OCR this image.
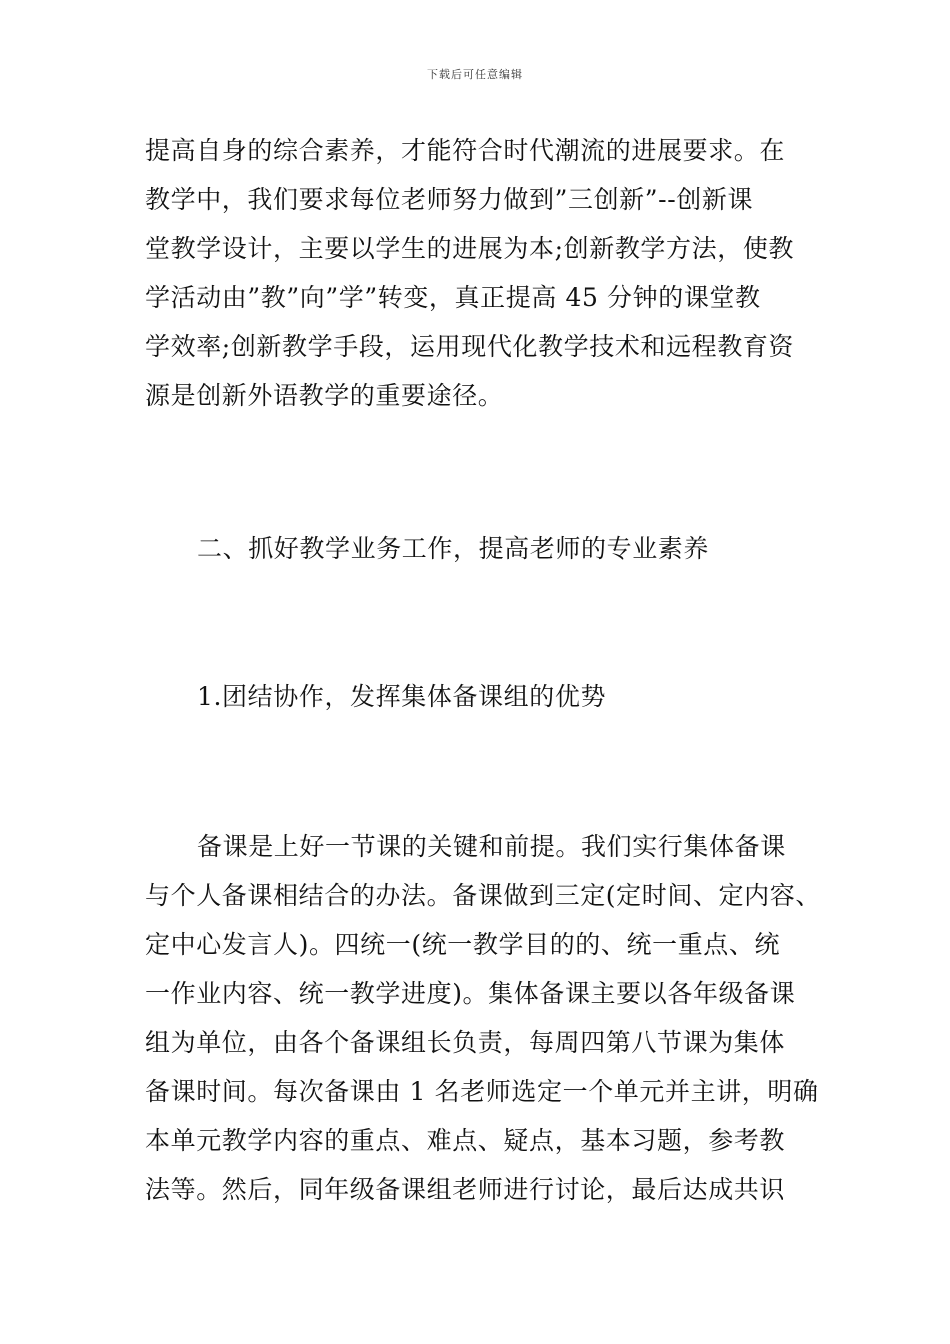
下载后可任意编辑
提高自身的综合素养，才能符合时代潮流的进展要求。在
教学中，我们要求每位老师努力做到”三创新”--创新课
堂教学设计，主要以学生的进展为本;创新教学方法，使教
学活动由”教”向”学”转变，真正提高 45 分钟的课堂教
学效率;创新教学手段，运用现代化教学技术和远程教育资
源是创新外语教学的重要途径。
二、抓好教学业务工作，提高老师的专业素养
1.团结协作，发挥集体备课组的优势
备课是上好一节课的关键和前提。我们实行集体备课
与个人备课相结合的办法。备课做到三定(定时间、定内容、
定中心发言人)。四统一(统一教学目的的、统一重点、统
一作业内容、统一教学进度)。集体备课主要以各年级备课
组为单位，由各个备课组长负责，每周四第八节课为集体
备课时间。每次备课由 1 名老师选定一个单元并主讲，明确
本单元教学内容的重点、难点、疑点，基本习题，参考教
法等。然后，同年级备课组老师进行讨论，最后达成共识
